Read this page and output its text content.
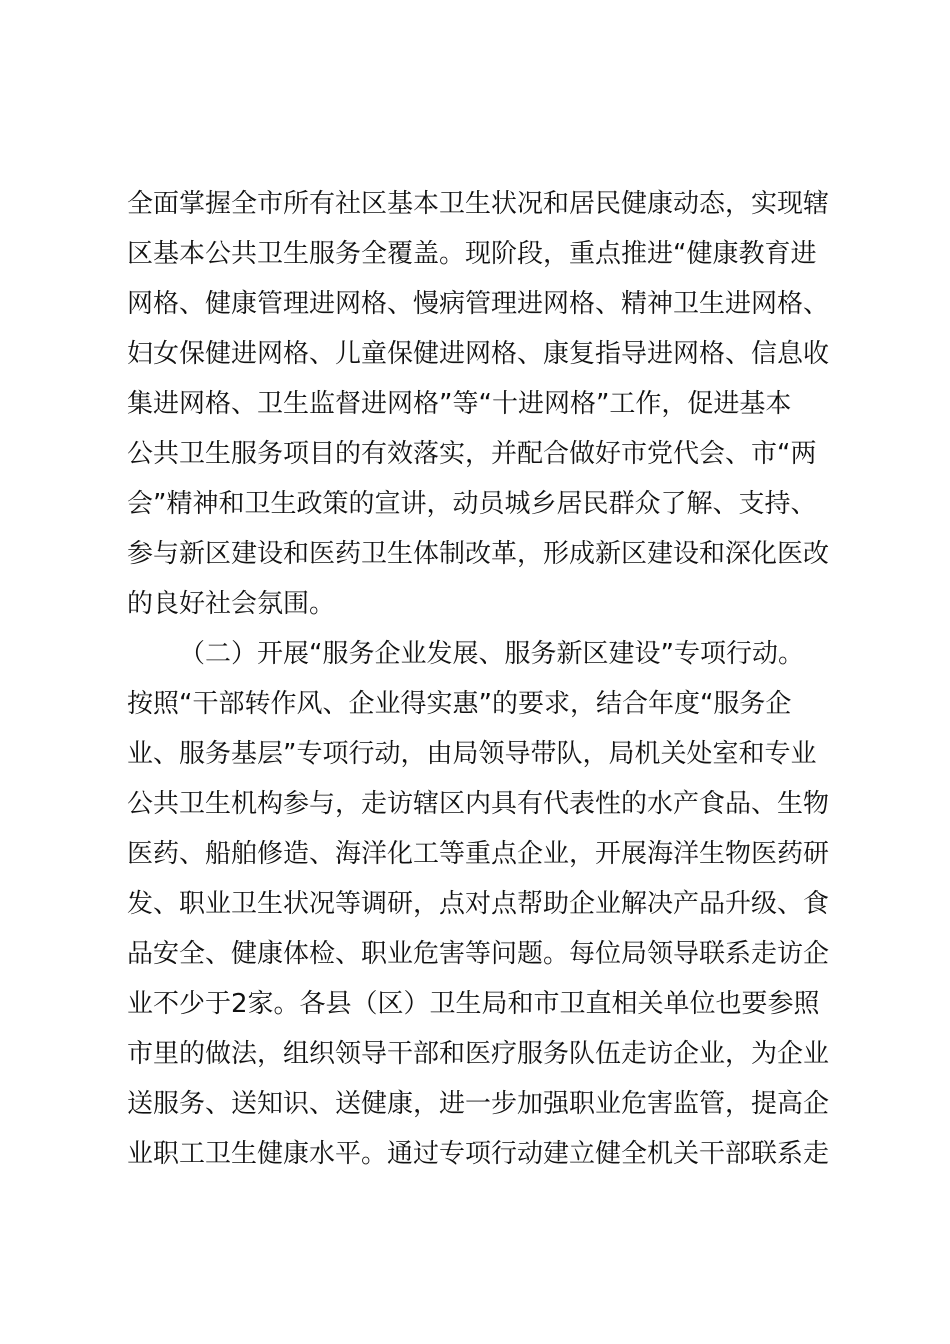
全面掌握全市所有社区基本卫生状况和居民健康动态，实现辖
区基本公共卫生服务全覆盖。现阶段，重点推进“健康教育进
网格、健康管理进网格、慢病管理进网格、精神卫生进网格、
妇女保健进网格、儿童保健进网格、康复指导进网格、信息收
集进网格、卫生监督进网格”等“十进网格”工作，促进基本
公共卫生服务项目的有效落实，并配合做好市党代会、市“两
会”精神和卫生政策的宣讲，动员城乡居民群众了解、支持、
参与新区建设和医药卫生体制改革，形成新区建设和深化医改
的良好社会氛围。
（二）开展“服务企业发展、服务新区建设”专项行动。
按照“干部转作风、企业得实惠”的要求，结合年度“服务企
业、服务基层”专项行动，由局领导带队，局机关处室和专业
公共卫生机构参与，走访辖区内具有代表性的水产食品、生物
医药、船舶修造、海洋化工等重点企业，开展海洋生物医药研
发、职业卫生状况等调研，点对点帮助企业解决产品升级、食
品安全、健康体检、职业危害等问题。每位局领导联系走访企
业不少于2家。各县（区）卫生局和市卫直相关单位也要参照
市里的做法，组织领导干部和医疗服务队伍走访企业，为企业
送服务、送知识、送健康，进一步加强职业危害监管，提高企
业职工卫生健康水平。通过专项行动建立健全机关干部联系走
